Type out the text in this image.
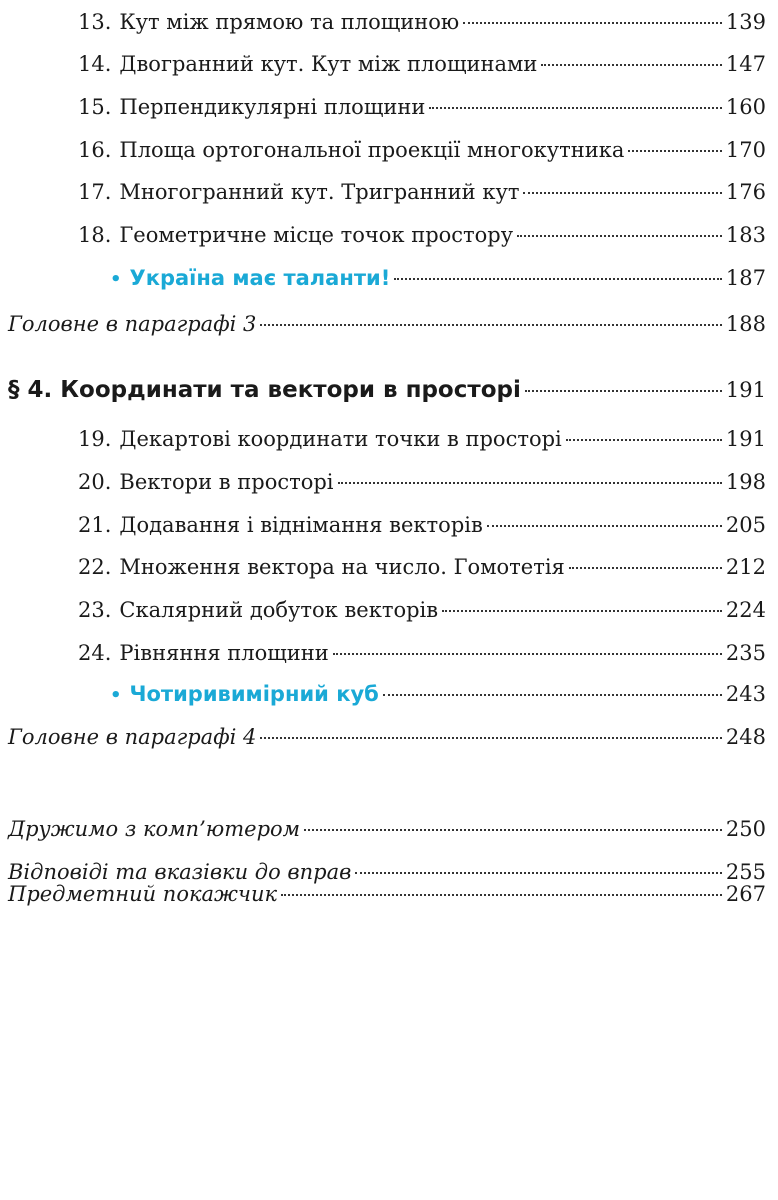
13. Кут між прямою та площиною	139
14. Двогранний кут. Кут між площинами	147
15. Перпендикулярні площини	160
16. Площа ортогональної проекції многокутника	170
17. Многогранний кут. Тригранний кут	176
18. Геометричне місце точок простору	183
• Україна має таланти!	187
Головне в параграфі 3	188
§ 4. Координати та вектори в просторі	191
19. Декартові координати точки в просторі	191
20. Вектори в просторі	198
21. Додавання і віднімання векторів	205
22. Множення вектора на число. Гомотетія	212
23. Скалярний добуток векторів	224
24. Рівняння площини	235
• Чотиривимірний куб	243
Головне в параграфі 4	248
Дружимо з комп’ютером	250
Відповіді та вказівки до вправ	255
Предметний покажчик	267
